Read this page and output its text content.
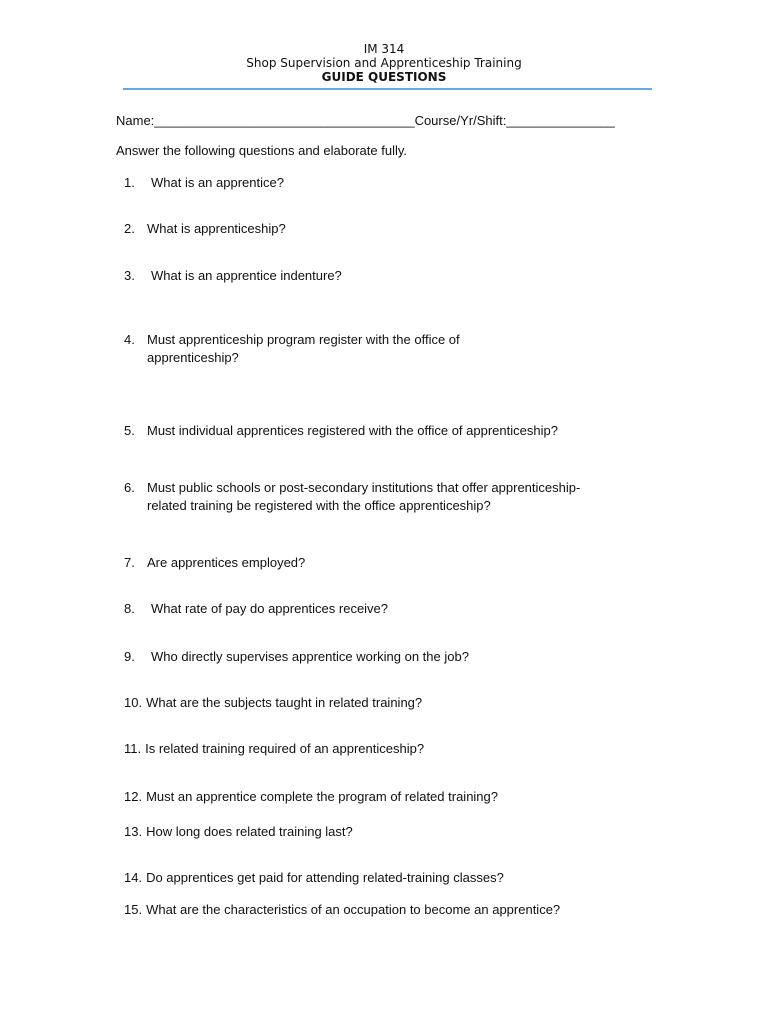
IM 314
Shop Supervision and Apprenticeship Training
GUIDE QUESTIONS
Name:____________________________________Course/Yr/Shift:_______________
Answer the following questions and elaborate fully.
1. What is an apprentice?
2. What is apprenticeship?
3. What is an apprentice indenture?
4. Must apprenticeship program register with the office of
apprenticeship?
5. Must individual apprentices registered with the office of apprenticeship?
6. Must public schools or post-secondary institutions that offer apprenticeship-
related training be registered with the office apprenticeship?
7. Are apprentices employed?
8. What rate of pay do apprentices receive?
9. Who directly supervises apprentice working on the job?
10. What are the subjects taught in related training?
11. Is related training required of an apprenticeship?
12. Must an apprentice complete the program of related training?
13. How long does related training last?
14. Do apprentices get paid for attending related-training classes?
15. What are the characteristics of an occupation to become an apprentice?
